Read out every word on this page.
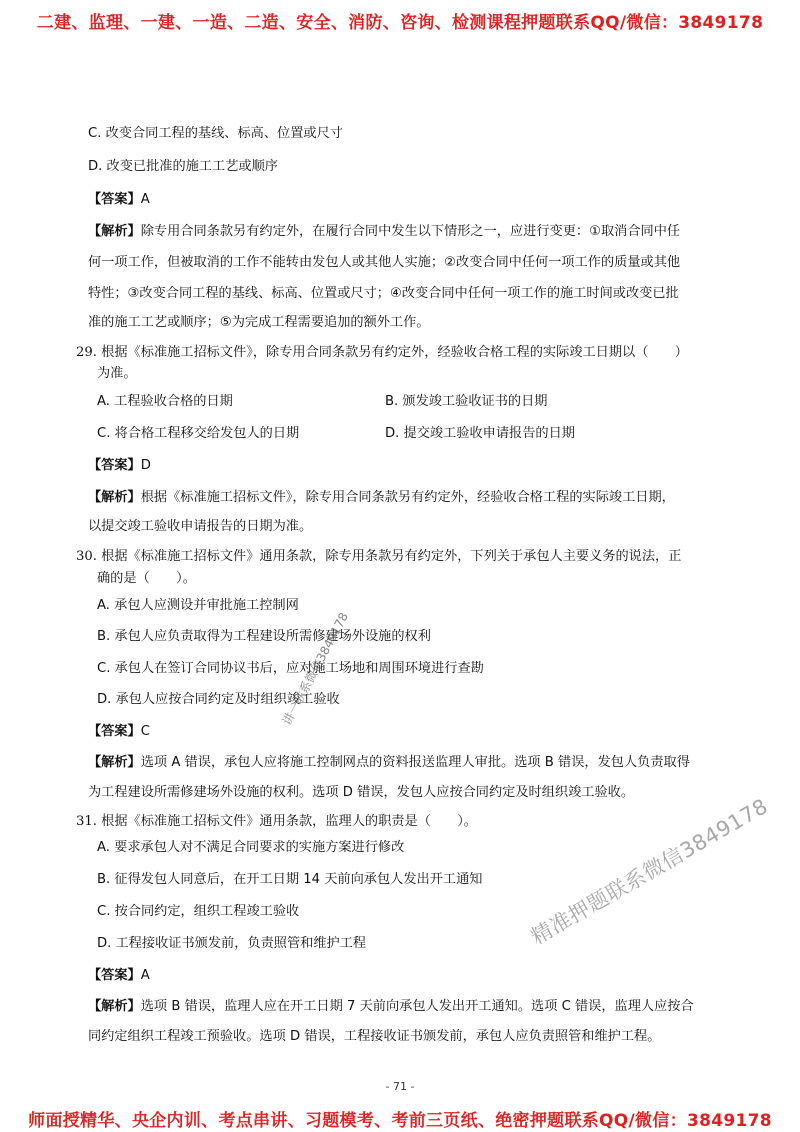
二建、监理、一建、一造、二造、安全、消防、咨询、检测课程押题联系QQ/微信：3849178
C. 改变合同工程的基线、标高、位置或尺寸
D. 改变已批准的施工工艺或顺序
【答案】A
【解析】除专用合同条款另有约定外，在履行合同中发生以下情形之一，应进行变更：①取消合同中任
何一项工作，但被取消的工作不能转由发包人或其他人实施；②改变合同中任何一项工作的质量或其他
特性；③改变合同工程的基线、标高、位置或尺寸；④改变合同中任何一项工作的施工时间或改变已批
准的施工工艺或顺序；⑤为完成工程需要追加的额外工作。
29. 根据《标准施工招标文件》，除专用合同条款另有约定外，经验收合格工程的实际竣工日期以（　　）
为准。
A. 工程验收合格的日期	B. 颁发竣工验收证书的日期
C. 将合格工程移交给发包人的日期	D. 提交竣工验收申请报告的日期
【答案】D
【解析】根据《标准施工招标文件》，除专用合同条款另有约定外，经验收合格工程的实际竣工日期，
以提交竣工验收申请报告的日期为准。
30. 根据《标准施工招标文件》通用条款，除专用条款另有约定外，下列关于承包人主要义务的说法，正
确的是（　　）。
A. 承包人应测设并审批施工控制网
B. 承包人应负责取得为工程建设所需修建场外设施的权利
C. 承包人在签订合同协议书后，应对施工场地和周围环境进行查勘
D. 承包人应按合同约定及时组织竣工验收
【答案】C
【解析】选项 A 错误，承包人应将施工控制网点的资料报送监理人审批。选项 B 错误，发包人负责取得
为工程建设所需修建场外设施的权利。选项 D 错误，发包人应按合同约定及时组织竣工验收。
31. 根据《标准施工招标文件》通用条款，监理人的职责是（　　）。
A. 要求承包人对不满足合同要求的实施方案进行修改
B. 征得发包人同意后，在开工日期 14 天前向承包人发出开工通知
C. 按合同约定，组织工程竣工验收
D. 工程接收证书颁发前，负责照管和维护工程
【答案】A
【解析】选项 B 错误，监理人应在开工日期 7 天前向承包人发出开工通知。选项 C 错误，监理人应按合
同约定组织工程竣工预验收。选项 D 错误，工程接收证书颁发前，承包人应负责照管和维护工程。
讲一联系微信3849178
精准押题联系微信3849178
- 71 -
师面授精华、央企内训、考点串讲、习题模考、考前三页纸、绝密押题联系QQ/微信：3849178
